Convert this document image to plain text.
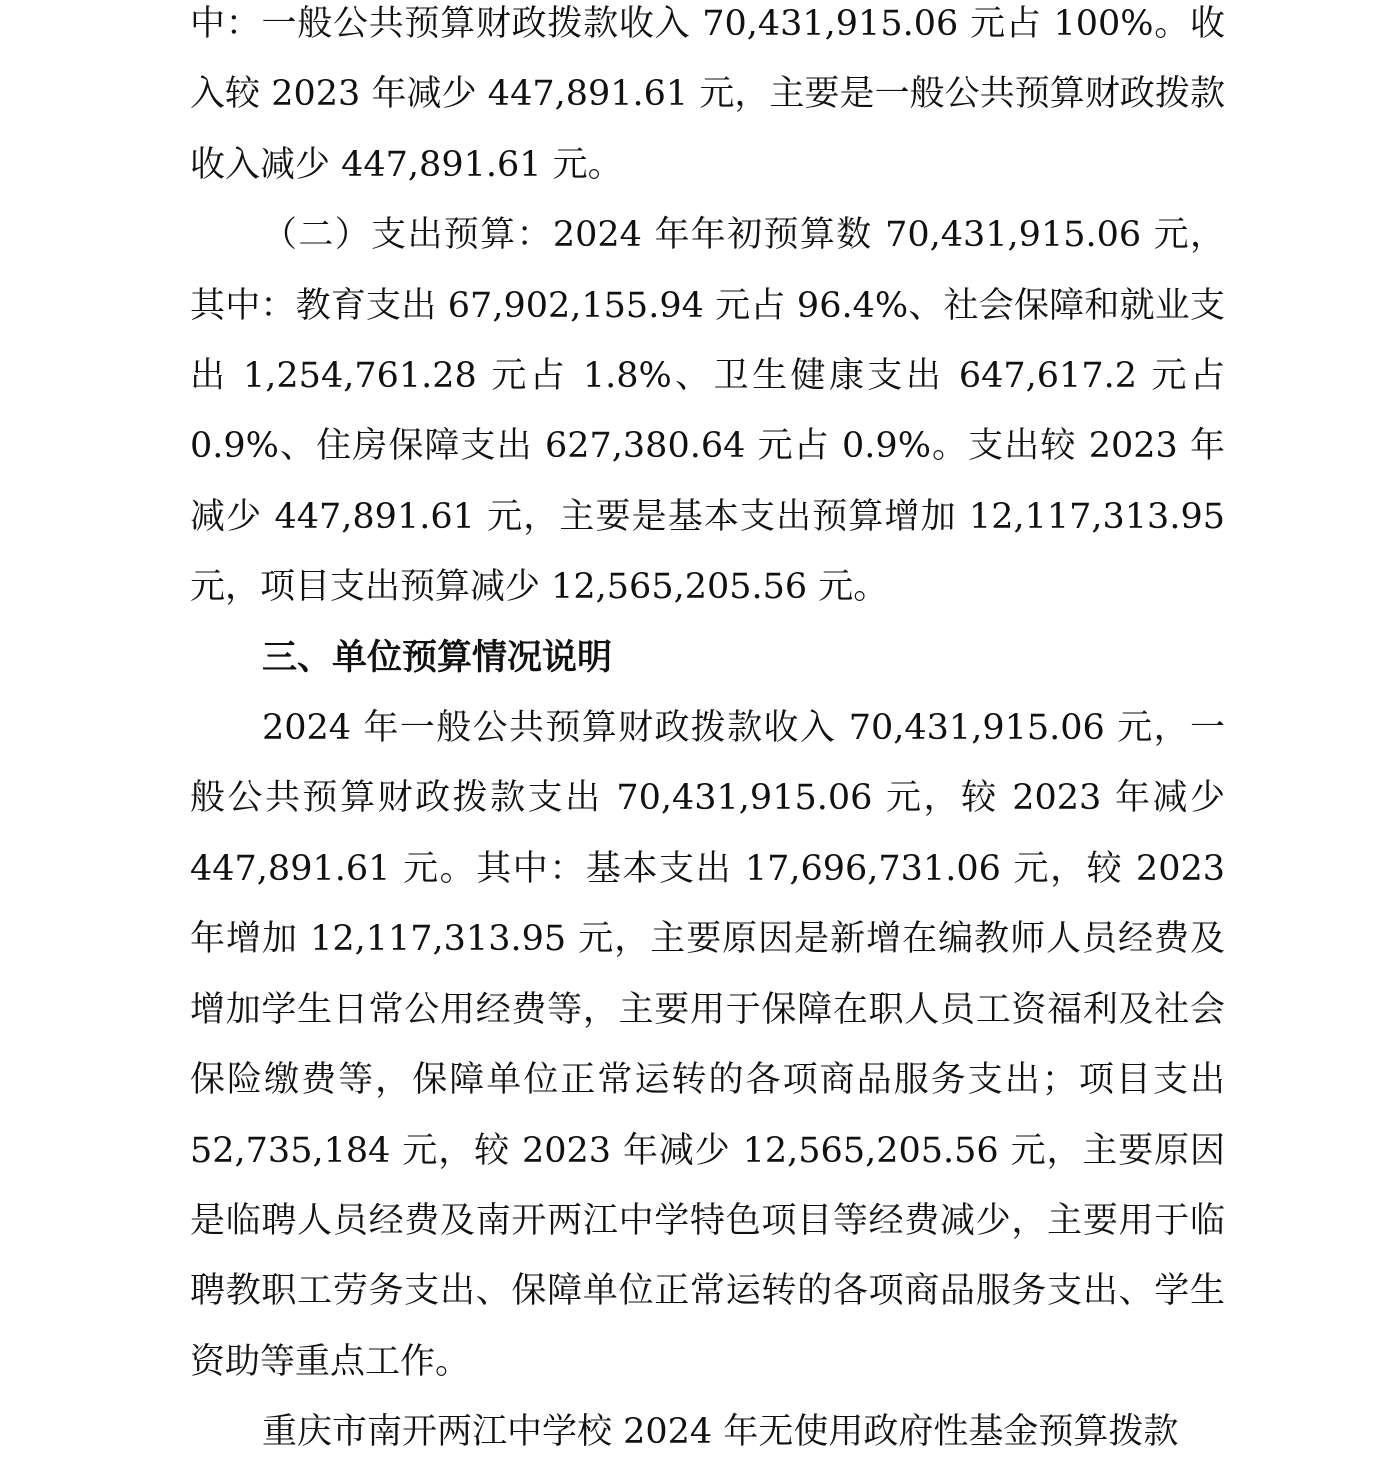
中：一般公共预算财政拨款收入 70,431,915.06 元占 100%。收入较 2023 年减少 447,891.61 元，主要是一般公共预算财政拨款收入减少 447,891.61 元。

（二）支出预算：2024 年年初预算数 70,431,915.06 元，其中：教育支出 67,902,155.94 元占 96.4%、社会保障和就业支出 1,254,761.28 元占 1.8%、卫生健康支出 647,617.2 元占 0.9%、住房保障支出 627,380.64 元占 0.9%。支出较 2023 年减少 447,891.61 元，主要是基本支出预算增加 12,117,313.95 元，项目支出预算减少 12,565,205.56 元。

三、单位预算情况说明

2024 年一般公共预算财政拨款收入 70,431,915.06 元，一般公共预算财政拨款支出 70,431,915.06 元，较 2023 年减少 447,891.61 元。其中：基本支出 17,696,731.06 元，较 2023 年增加 12,117,313.95 元，主要原因是新增在编教师人员经费及增加学生日常公用经费等，主要用于保障在职人员工资福利及社会保险缴费等，保障单位正常运转的各项商品服务支出；项目支出 52,735,184 元，较 2023 年减少 12,565,205.56 元，主要原因是临聘人员经费及南开两江中学特色项目等经费减少，主要用于临聘教职工劳务支出、保障单位正常运转的各项商品服务支出、学生资助等重点工作。

重庆市南开两江中学校 2024 年无使用政府性基金预算拨款
